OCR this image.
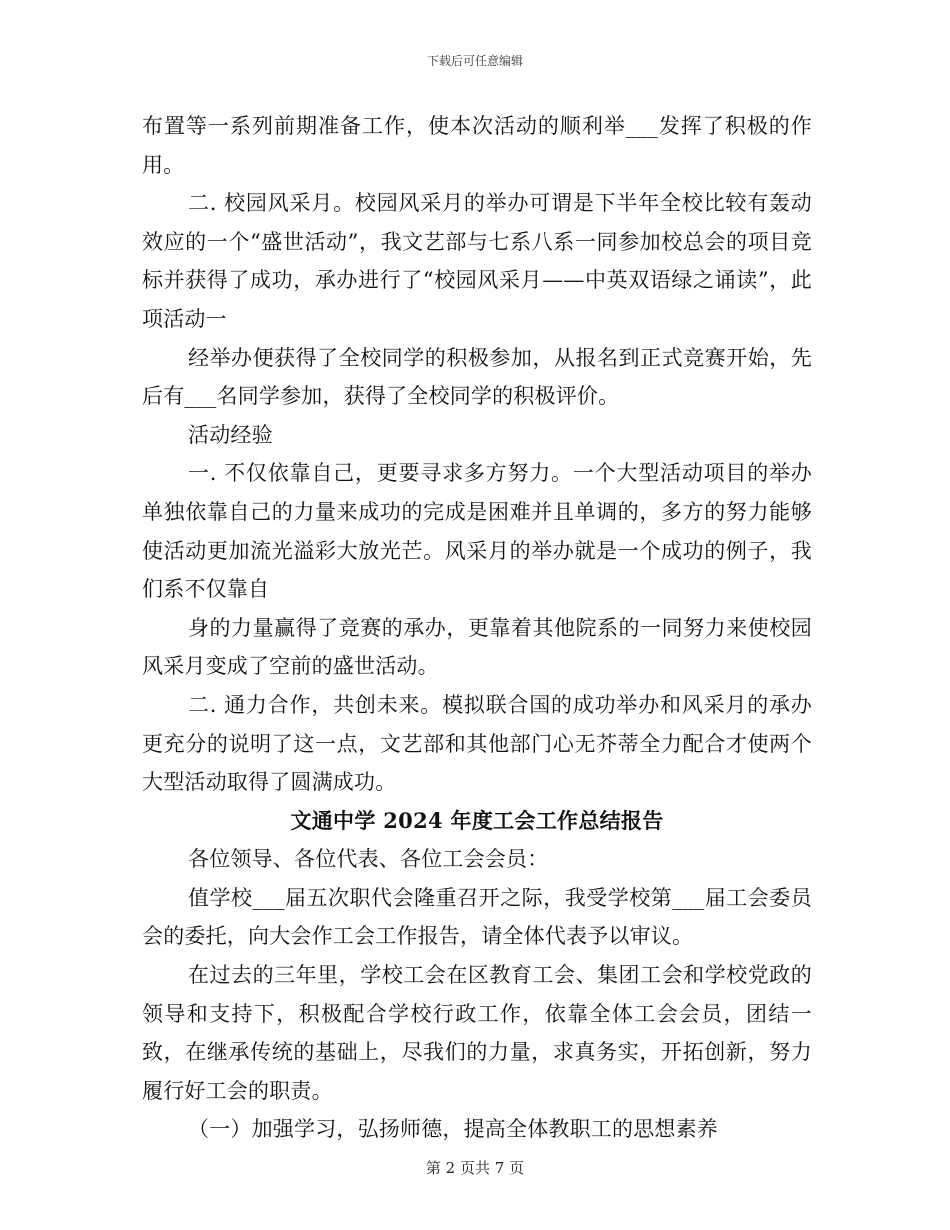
下载后可任意编辑

布置等一系列前期准备工作，使本次活动的顺利举___发挥了积极的作用。

二. 校园风采月。校园风采月的举办可谓是下半年全校比较有轰动效应的一个“盛世活动”，我文艺部与七系八系一同参加校总会的项目竞标并获得了成功，承办进行了“校园风采月——中英双语绿之诵读”，此项活动一

经举办便获得了全校同学的积极参加，从报名到正式竞赛开始，先后有___名同学参加，获得了全校同学的积极评价。

活动经验

一. 不仅依靠自己，更要寻求多方努力。一个大型活动项目的举办单独依靠自己的力量来成功的完成是困难并且单调的，多方的努力能够使活动更加流光溢彩大放光芒。风采月的举办就是一个成功的例子，我们系不仅靠自

身的力量赢得了竞赛的承办，更靠着其他院系的一同努力来使校园风采月变成了空前的盛世活动。

二. 通力合作，共创未来。模拟联合国的成功举办和风采月的承办更充分的说明了这一点，文艺部和其他部门心无芥蒂全力配合才使两个大型活动取得了圆满成功。

文通中学 2024 年度工会工作总结报告

各位领导、各位代表、各位工会会员：

值学校___届五次职代会隆重召开之际，我受学校第___届工会委员会的委托，向大会作工会工作报告，请全体代表予以审议。

在过去的三年里，学校工会在区教育工会、集团工会和学校党政的领导和支持下，积极配合学校行政工作，依靠全体工会会员，团结一致，在继承传统的基础上，尽我们的力量，求真务实，开拓创新，努力履行好工会的职责。

（一）加强学习，弘扬师德，提高全体教职工的思想素养

第 2 页共 7 页
